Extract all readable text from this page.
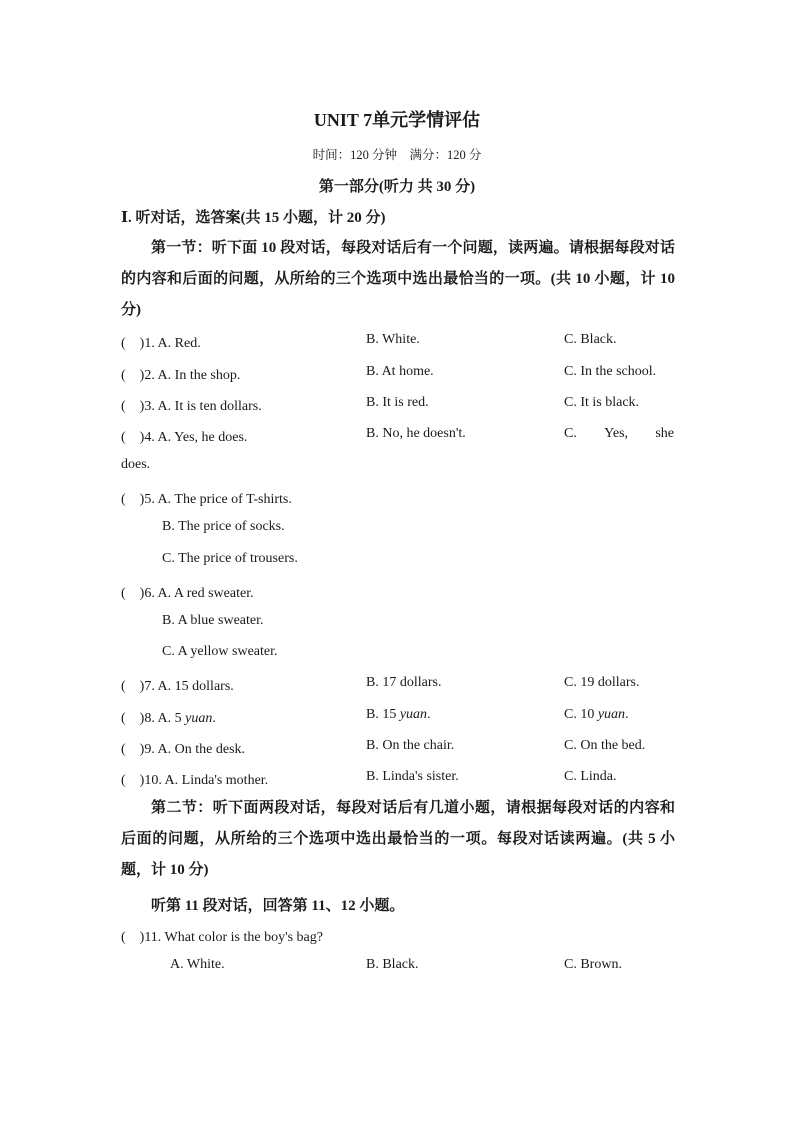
UNIT 7单元学情评估
时间：120 分钟　满分：120 分
第一部分(听力 共 30 分)
Ⅰ. 听对话，选答案(共 15 小题，计 20 分)
第一节：听下面 10 段对话，每段对话后有一个问题，读两遍。请根据每段对话的内容和后面的问题，从所给的三个选项中选出最恰当的一项。(共 10 小题，计 10 分)
(　)1. A. Red.	B. White.	C. Black.
(　)2. A. In the shop.	B. At home.	C. In the school.
(　)3. A. It is ten dollars.	B. It is red.	C. It is black.
(　)4. A. Yes, he does.	B. No, he doesn't.	C. Yes, she
does.
(　)5. A. The price of T-shirts.
B. The price of socks.
C. The price of trousers.
(　)6. A. A red sweater.
B. A blue sweater.
C. A yellow sweater.
(　)7. A. 15 dollars.	B. 17 dollars.	C. 19 dollars.
(　)8. A. 5 yuan.	B. 15 yuan.	C. 10 yuan.
(　)9. A. On the desk.	B. On the chair.	C. On the bed.
(　)10. A. Linda's mother.	B. Linda's sister.	C. Linda.
第二节：听下面两段对话，每段对话后有几道小题，请根据每段对话的内容和后面的问题，从所给的三个选项中选出最恰当的一项。每段对话读两遍。(共 5 小题，计 10 分)
听第 11 段对话，回答第 11、12 小题。
(　)11. What color is the boy's bag?
A. White.	B. Black.	C. Brown.
